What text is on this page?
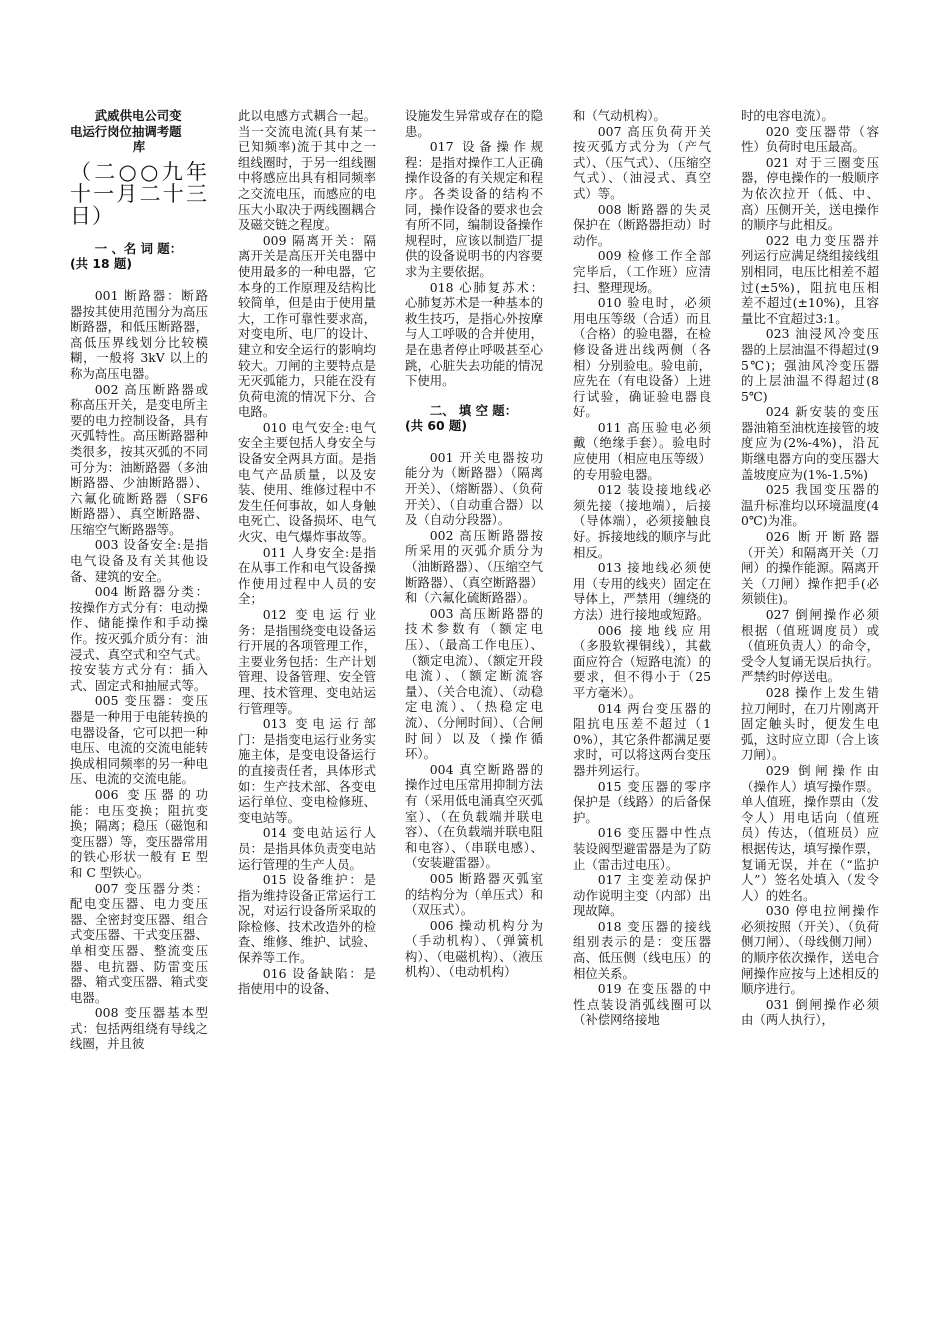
武威供电公司变

电运行岗位抽调考题

库

（二○○九年十一月二十三日）

一 、名 词 题：

(共 18 题)

001 断路器：断路器按其使用范围分为高压断路器，和低压断路器，高低压界线划分比较模糊，一般将 3kV 以上的称为高压电器。

002 高压断路器或称高压开关，是变电所主要的电力控制设备，具有灭弧特性。高压断路器种类很多，按其灭弧的不同可分为：油断路器（多油断路器、少油断路器）、六氟化硫断路器（SF6 断路器）、真空断路器、压缩空气断路器等。

003 设备安全:是指电气设备及有关其他设备、建筑的安全。

004 断路器分类：按操作方式分有：电动操作、储能操作和手动操作。按灭弧介质分有：油浸式、真空式和空气式。按安装方式分有：插入式、固定式和抽屉式等。

005 变压器：变压器是一种用于电能转换的电器设备，它可以把一种电压、电流的交流电能转换成相同频率的另一种电压、电流的交流电能。

006 变压器的功能：电压变换；阻抗变换；隔离；稳压（磁饱和变压器）等，变压器常用的铁心形状一般有 E 型和 C 型铁心。

007 变压器分类：配电变压器、电力变压器、全密封变压器、组合式变压器、干式变压器、单相变压器、整流变压器、电抗器、防雷变压器、箱式变压器、箱式变电器。

008 变压器基本型式：包括两组绕有导线之线圈，并且彼

此以电感方式耦合一起。当一交流电流(具有某一已知频率)流于其中之一组线圈时，于另一组线圈中将感应出具有相同频率之交流电压，而感应的电压大小取决于两线圈耦合及磁交链之程度。

009 隔离开关：隔离开关是高压开关电器中使用最多的一种电器，它本身的工作原理及结构比较简单，但是由于使用量大，工作可靠性要求高，对变电所、电厂的设计、建立和安全运行的影响均较大。刀闸的主要特点是无灭弧能力，只能在没有负荷电流的情况下分、合电路。

010 电气安全:电气安全主要包括人身安全与设备安全两具方面。是指电气产品质量，以及安装、使用、维修过程中不发生任何事故，如人身触电死亡、设备损坏、电气火灾、电气爆炸事故等。

011 人身安全:是指在从事工作和电气设备操作使用过程中人员的安全；

012 变电运行业务：是指围绕变电设备运行开展的各项管理工作，主要业务包括：生产计划管理、设备管理、安全管理、技术管理、变电站运行管理等。

013 变电运行部门：是指变电运行业务实施主体，是变电设备运行的直接责任者，具体形式如：生产技术部、各变电运行单位、变电检修班、变电站等。

014 变电站运行人员：是指具体负责变电站运行管理的生产人员。

015 设备维护：是指为维持设备正常运行工况，对运行设备所采取的除检修、技术改造外的检查、维修、维护、试验、保养等工作。

016 设备缺陷：是指使用中的设备、

设施发生异常或存在的隐患。

017 设备操作规程：是指对操作工人正确操作设备的有关规定和程序。各类设备的结构不同，操作设备的要求也会有所不同，编制设备操作规程时，应该以制造厂提供的设备说明书的内容要求为主要依据。

018 心肺复苏术：心肺复苏术是一种基本的救生技巧，是指心外按摩与人工呼吸的合并使用，是在患者停止呼吸甚至心跳，心脏失去功能的情况下使用。

二、 填 空 题：

(共 60 题)

001 开关电器按功能分为（断路器）（隔离开关）、（熔断器）、（负荷开关）、（自动重合器）以及（自动分段器）。

002 高压断路器按所采用的灭弧介质分为（油断路器）、（压缩空气断路器）、（真空断路器）和（六氟化硫断路器）。

003 高压断路器的技术参数有（额定电压）、（最高工作电压）、（额定电流）、（额定开段电流）、（额定断流容量）、（关合电流）、（动稳定电流）、（热稳定电流）、（分闸时间）、（合闸时间）以及（操作循环）。

004 真空断路器的操作过电压常用抑制方法有（采用低电涌真空灭弧室）、（在负载端并联电容）、（在负载端并联电阻和电容）、（串联电感）、（安装避雷器）。

005 断路器灭弧室的结构分为（单压式）和（双压式）。

006 操动机构分为（手动机构）、（弹簧机构）、（电磁机构）、（液压机构）、（电动机构）

和（气动机构）。

007 高压负荷开关按灭弧方式分为（产气式）、（压气式）、（压缩空气式）、（油浸式、真空式）等。

008 断路器的失灵保护在（断路器拒动）时动作。

009 检修工作全部完毕后，（工作班）应清扫、整理现场。

010 验电时，必须用电压等级（合适）而且（合格）的验电器，在检修设备进出线两侧（各相）分别验电。验电前，应先在（有电设备）上进行试验，确证验电器良好。

011 高压验电必须戴（绝缘手套）。验电时应使用（相应电压等级）的专用验电器。

012 装设接地线必须先接（接地端），后接（导体端），必须接触良好。拆接地线的顺序与此相反。

013 接地线必须使用（专用的线夹）固定在导体上，严禁用（缠绕的方法）进行接地或短路。

006 接地线应用（多股软裸铜线），其截面应符合（短路电流）的要求，但不得小于（25 平方毫米）。

014 两台变压器的阻抗电压差不超过（10%），其它条件都满足要求时，可以将这两台变压器并列运行。

015 变压器的零序保护是（线路）的后备保护。

016 变压器中性点装设阀型避雷器是为了防止（雷击过电压）。

017 主变差动保护动作说明主变（内部）出现故障。

018 变压器的接线组别表示的是：变压器高、低压侧（线电压）的相位关系。

019 在变压器的中性点装设消弧线圈可以（补偿网络接地

时的电容电流）。

020 变压器带（容性）负荷时电压最高。

021 对于三圈变压器，停电操作的一般顺序为依次拉开（低、中、高）压侧开关，送电操作的顺序与此相反。

022 电力变压器并列运行应满足绕组接线组别相同，电压比相差不超过(±5%)，阻抗电压相差不超过(±10%)，且容量比不宜超过3:1。

023 油浸风冷变压器的上层油温不得超过(95℃)；强油风冷变压器的上层油温不得超过(85℃)

024 新安装的变压器油箱至油枕连接管的坡度应为(2%-4%)，沿瓦斯继电器方向的变压器大盖坡度应为(1%-1.5%)

025 我国变压器的温升标准均以环境温度(40℃)为准。

026 断开断路器（开关）和隔离开关（刀闸）的操作能源。隔离开关（刀闸）操作把手(必须锁住)。

027 倒闸操作必须根据（值班调度员）或（值班负责人）的命令，受令人复诵无误后执行。严禁约时停送电。

028 操作上发生错拉刀闸时，在刀片刚离开固定触头时，便发生电弧，这时应立即（合上该刀闸）。

029 倒闸操作由（操作人）填写操作票。单人值班，操作票由（发令人）用电话向（值班员）传达，（值班员）应根据传达，填写操作票，复诵无误，并在（“监护人”）签名处填入（发令人）的姓名。

030 停电拉闸操作必须按照（开关）、（负荷侧刀闸）、（母线侧刀闸）的顺序依次操作，送电合闸操作应按与上述相反的顺序进行。

031 倒闸操作必须由（两人执行），
